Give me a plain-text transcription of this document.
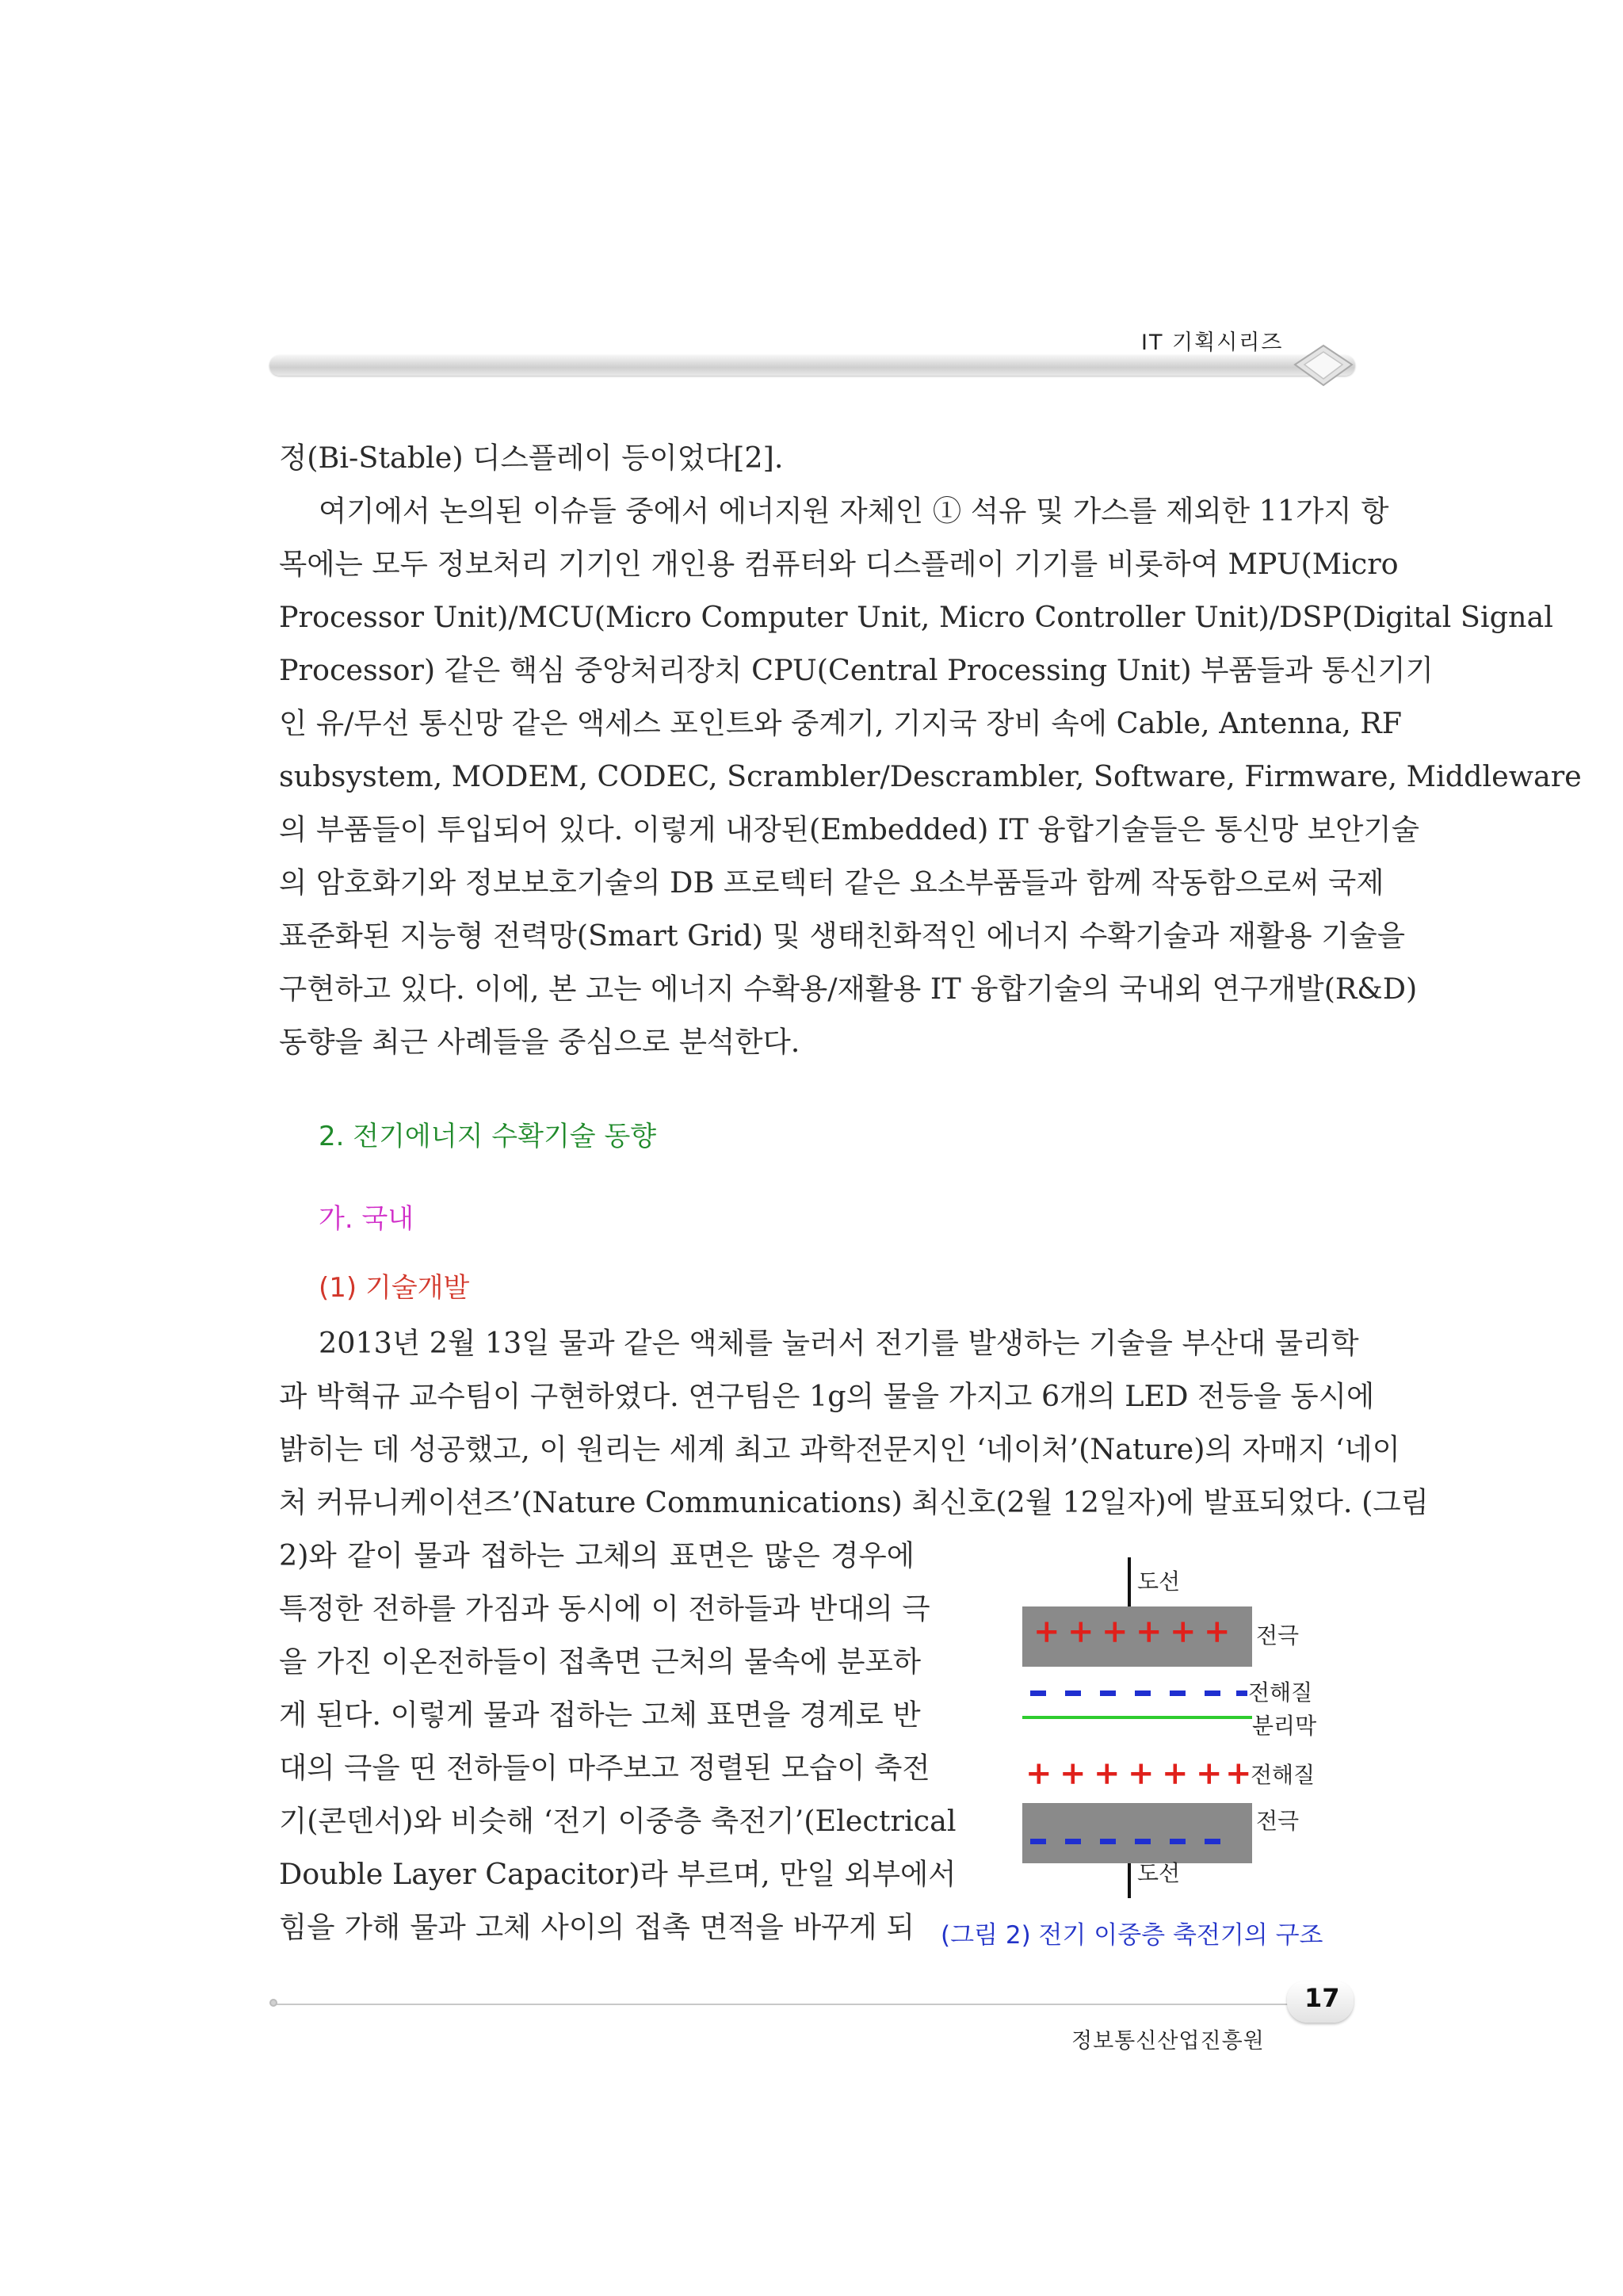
IT 기획시리즈

정(Bi-Stable) 디스플레이 등이었다[2].

여기에서 논의된 이슈들 중에서 에너지원 자체인 ① 석유 및 가스를 제외한 11가지 항

목에는 모두 정보처리 기기인 개인용 컴퓨터와 디스플레이 기기를 비롯하여 MPU(Micro

Processor Unit)/MCU(Micro Computer Unit, Micro Controller Unit)/DSP(Digital Signal

Processor) 같은 핵심 중앙처리장치 CPU(Central Processing Unit) 부품들과 통신기기

인 유/무선 통신망 같은 액세스 포인트와 중계기, 기지국 장비 속에 Cable, Antenna, RF

subsystem, MODEM, CODEC, Scrambler/Descrambler, Software, Firmware, Middleware

의 부품들이 투입되어 있다. 이렇게 내장된(Embedded) IT 융합기술들은 통신망 보안기술

의 암호화기와 정보보호기술의 DB 프로텍터 같은 요소부품들과 함께 작동함으로써 국제

표준화된 지능형 전력망(Smart Grid) 및 생태친화적인 에너지 수확기술과 재활용 기술을

구현하고 있다. 이에, 본 고는 에너지 수확용/재활용 IT 융합기술의 국내외 연구개발(R&D)

동향을 최근 사례들을 중심으로 분석한다.

2. 전기에너지 수확기술 동향
가. 국내
(1) 기술개발

2013년 2월 13일 물과 같은 액체를 눌러서 전기를 발생하는 기술을 부산대 물리학

과 박혁규 교수팀이 구현하였다. 연구팀은 1g의 물을 가지고 6개의 LED 전등을 동시에

밝히는 데 성공했고, 이 원리는 세계 최고 과학전문지인 ‘네이처’(Nature)의 자매지 ‘네이

처 커뮤니케이션즈’(Nature Communications) 최신호(2월 12일자)에 발표되었다. (그림

2)와 같이 물과 접하는 고체의 표면은 많은 경우에

특정한 전하를 가짐과 동시에 이 전하들과 반대의 극

을 가진 이온전하들이 접촉면 근처의 물속에 분포하

게 된다. 이렇게 물과 접하는 고체 표면을 경계로 반

대의 극을 띤 전하들이 마주보고 정렬된 모습이 축전

기(콘덴서)와 비슷해 ‘전기 이중층 축전기’(Electrical

Double Layer Capacitor)라 부르며, 만일 외부에서

힘을 가해 물과 고체 사이의 접촉 면적을 바꾸게 되

도선
+ + + + + + 전극
전해질
분리막
+ + + + + + +
전해질
전극
도선
(그림 2) 전기 이중층 축전기의 구조
17
정보통신산업진흥원
